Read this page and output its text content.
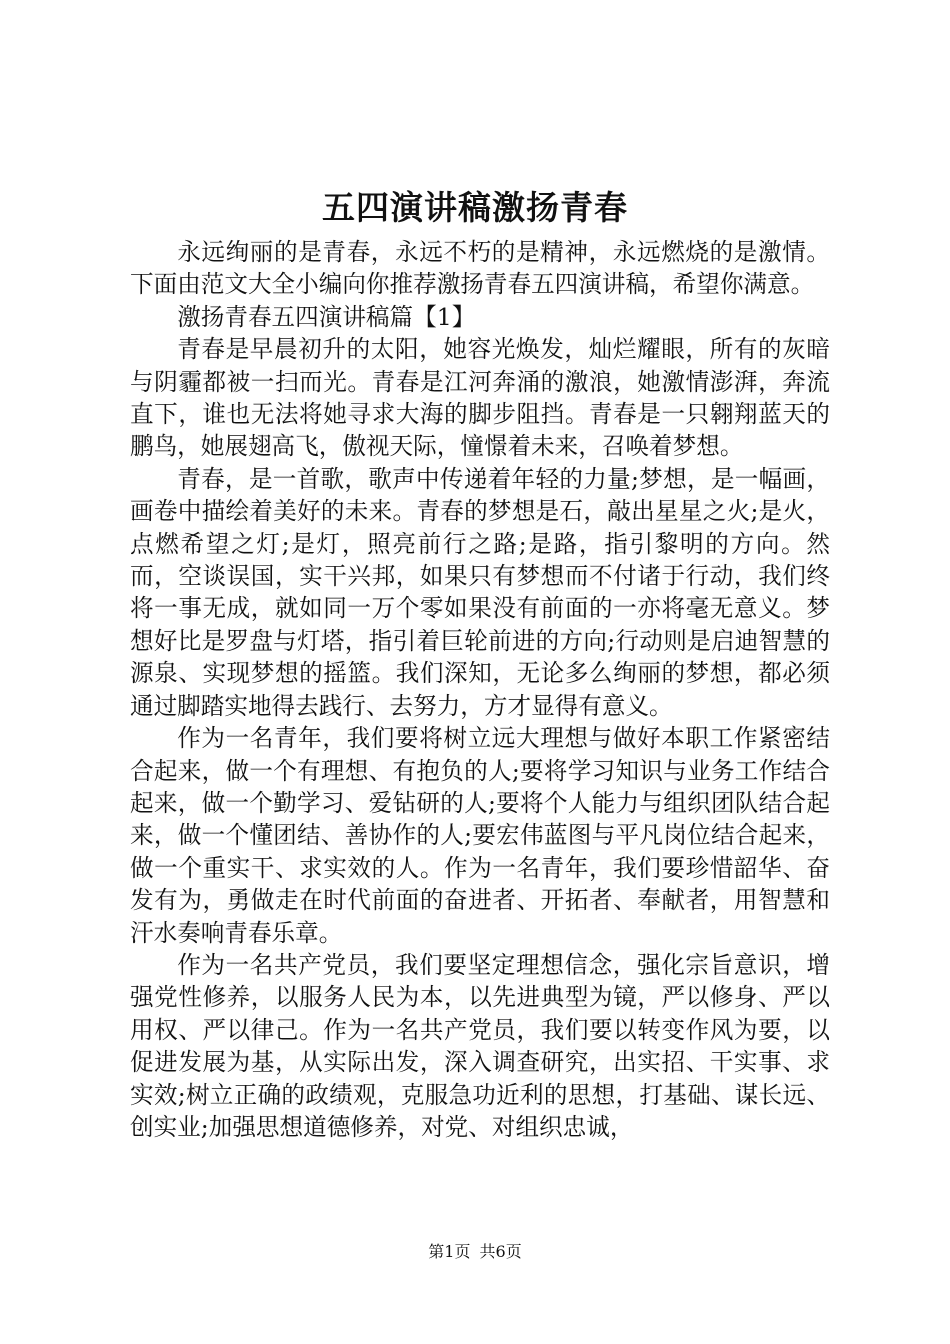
五四演讲稿激扬青春

永远绚丽的是青春，永远不朽的是精神，永远燃烧的是激情。下面由范文大全小编向你推荐激扬青春五四演讲稿，希望你满意。

激扬青春五四演讲稿篇【1】

青春是早晨初升的太阳，她容光焕发，灿烂耀眼，所有的灰暗与阴霾都被一扫而光。青春是江河奔涌的激浪，她激情澎湃，奔流直下，谁也无法将她寻求大海的脚步阻挡。青春是一只翱翔蓝天的鹏鸟，她展翅高飞，傲视天际，憧憬着未来，召唤着梦想。

青春，是一首歌，歌声中传递着年轻的力量;梦想，是一幅画，画卷中描绘着美好的未来。青春的梦想是石，敲出星星之火;是火，点燃希望之灯;是灯，照亮前行之路;是路，指引黎明的方向。然而，空谈误国，实干兴邦，如果只有梦想而不付诸于行动，我们终将一事无成，就如同一万个零如果没有前面的一亦将毫无意义。梦想好比是罗盘与灯塔，指引着巨轮前进的方向;行动则是启迪智慧的源泉、实现梦想的摇篮。我们深知，无论多么绚丽的梦想，都必须通过脚踏实地得去践行、去努力，方才显得有意义。

作为一名青年，我们要将树立远大理想与做好本职工作紧密结合起来，做一个有理想、有抱负的人;要将学习知识与业务工作结合起来，做一个勤学习、爱钻研的人;要将个人能力与组织团队结合起来，做一个懂团结、善协作的人;要宏伟蓝图与平凡岗位结合起来，做一个重实干、求实效的人。作为一名青年，我们要珍惜韶华、奋发有为，勇做走在时代前面的奋进者、开拓者、奉献者，用智慧和汗水奏响青春乐章。

作为一名共产党员，我们要坚定理想信念，强化宗旨意识，增强党性修养，以服务人民为本，以先进典型为镜，严以修身、严以用权、严以律己。作为一名共产党员，我们要以转变作风为要，以促进发展为基，从实际出发，深入调查研究，出实招、干实事、求实效;树立正确的政绩观，克服急功近利的思想，打基础、谋长远、创实业;加强思想道德修养，对党、对组织忠诚，

第1页 共6页
